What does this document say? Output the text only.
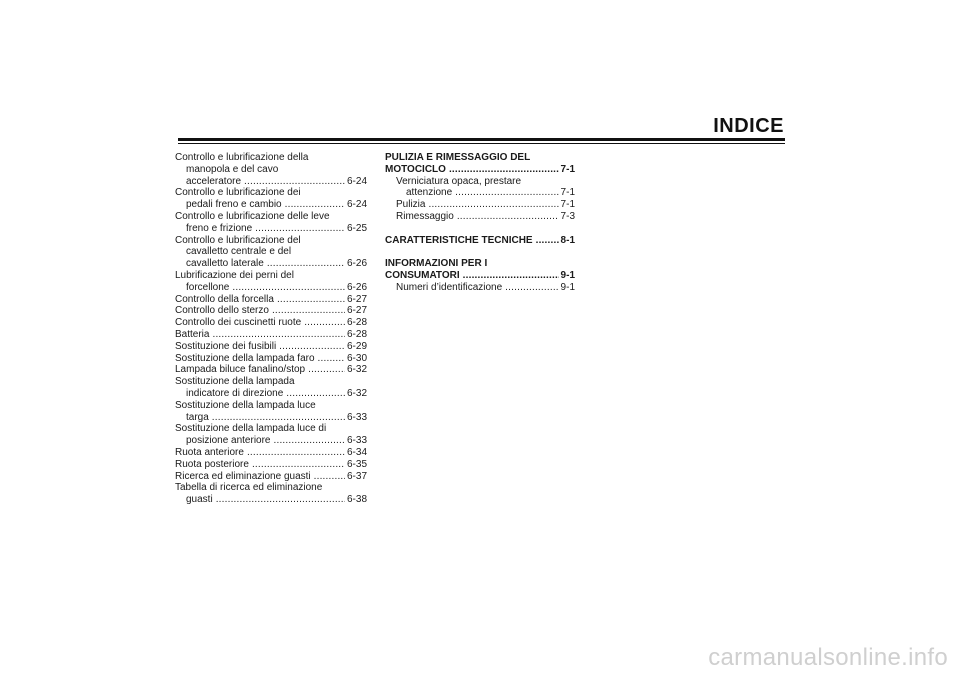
INDICE
Controllo e lubrificazione della
manopola e del cavo
acceleratore .....	6-24
Controllo e lubrificazione dei
pedali freno e cambio .....	6-24
Controllo e lubrificazione delle leve
freno e frizione .....	6-25
Controllo e lubrificazione del
cavalletto centrale e del
cavalletto laterale .....	6-26
Lubrificazione dei perni del
forcellone .....	6-26
Controllo della forcella .....	6-27
Controllo dello sterzo .....	6-27
Controllo dei cuscinetti ruote .....	6-28
Batteria .....	6-28
Sostituzione dei fusibili .....	6-29
Sostituzione della lampada faro .....	6-30
Lampada biluce fanalino/stop .....	6-32
Sostituzione della lampada
indicatore di direzione .....	6-32
Sostituzione della lampada luce
targa .....	6-33
Sostituzione della lampada luce di
posizione anteriore .....	6-33
Ruota anteriore .....	6-34
Ruota posteriore .....	6-35
Ricerca ed eliminazione guasti .....	6-37
Tabella di ricerca ed eliminazione
guasti .....	6-38
PULIZIA E RIMESSAGGIO DEL
MOTOCICLO .....	7-1
Verniciatura opaca, prestare
attenzione .....	7-1
Pulizia .....	7-1
Rimessaggio .....	7-3
CARATTERISTICHE TECNICHE .....	8-1
INFORMAZIONI PER I
CONSUMATORI .....	9-1
Numeri d’identificazione .....	9-1
carmanualsonline.info
